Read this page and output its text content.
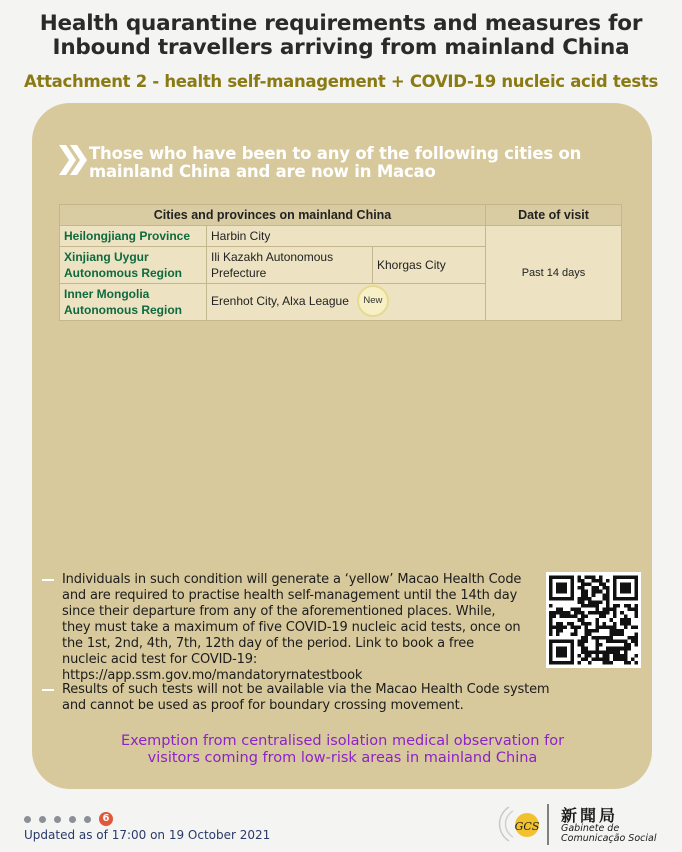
Health quarantine requirements and measures for
Inbound travellers arriving from mainland China
Attachment 2 - health self-management + COVID-19 nucleic acid tests
Those who have been to any of the following cities on
mainland China and are now in Macao
Cities and provinces on mainland China			Date of visit
Heilongjiang Province	Harbin City		Past 14 days
Xinjiang Uygur Autonomous Region	Ili Kazakh Autonomous Prefecture	Khorgas City	
Inner Mongolia Autonomous Region	Erenhot City, Alxa League New		
Individuals in such condition will generate a ‘yellow’ Macao Health Code and are required to practise health self-management until the 14th day since their departure from any of the aforementioned places. While, they must take a maximum of five COVID-19 nucleic acid tests, once on the 1st, 2nd, 4th, 7th, 12th day of the period. Link to book a free nucleic acid test for COVID-19: https://app.ssm.gov.mo/mandatoryrnatestbook
Results of such tests will not be available via the Macao Health Code system and cannot be used as proof for boundary crossing movement.
Exemption from centralised isolation medical observation for
visitors coming from low-risk areas in mainland China
6
Updated as of 17:00 on 19 October 2021
GCS
新聞局
Gabinete de
Comunicação Social
